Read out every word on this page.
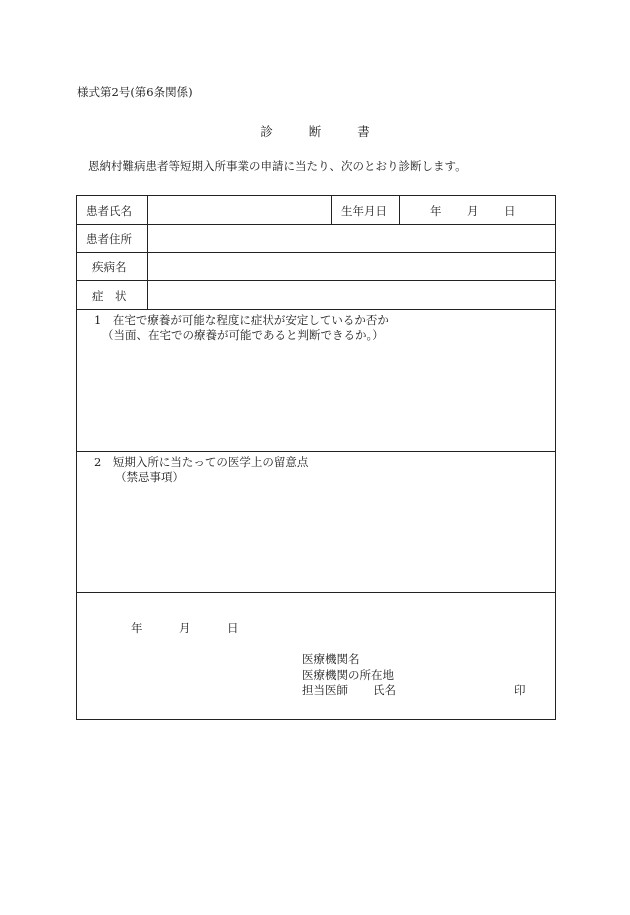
様式第2号(第6条関係)
診	断	書
恩納村難病患者等短期入所事業の申請に当たり、次のとおり診断します。
患者氏名	生年月日	年 月 日
患者住所
疾病名
症　状
1　在宅で療養が可能な程度に症状が安定しているか否か
（当面、在宅での療養が可能であると判断できるか。）
2　短期入所に当たっての医学上の留意点
（禁忌事項）
年	月	日
医療機関名
医療機関の所在地
担当医師 氏名	印
